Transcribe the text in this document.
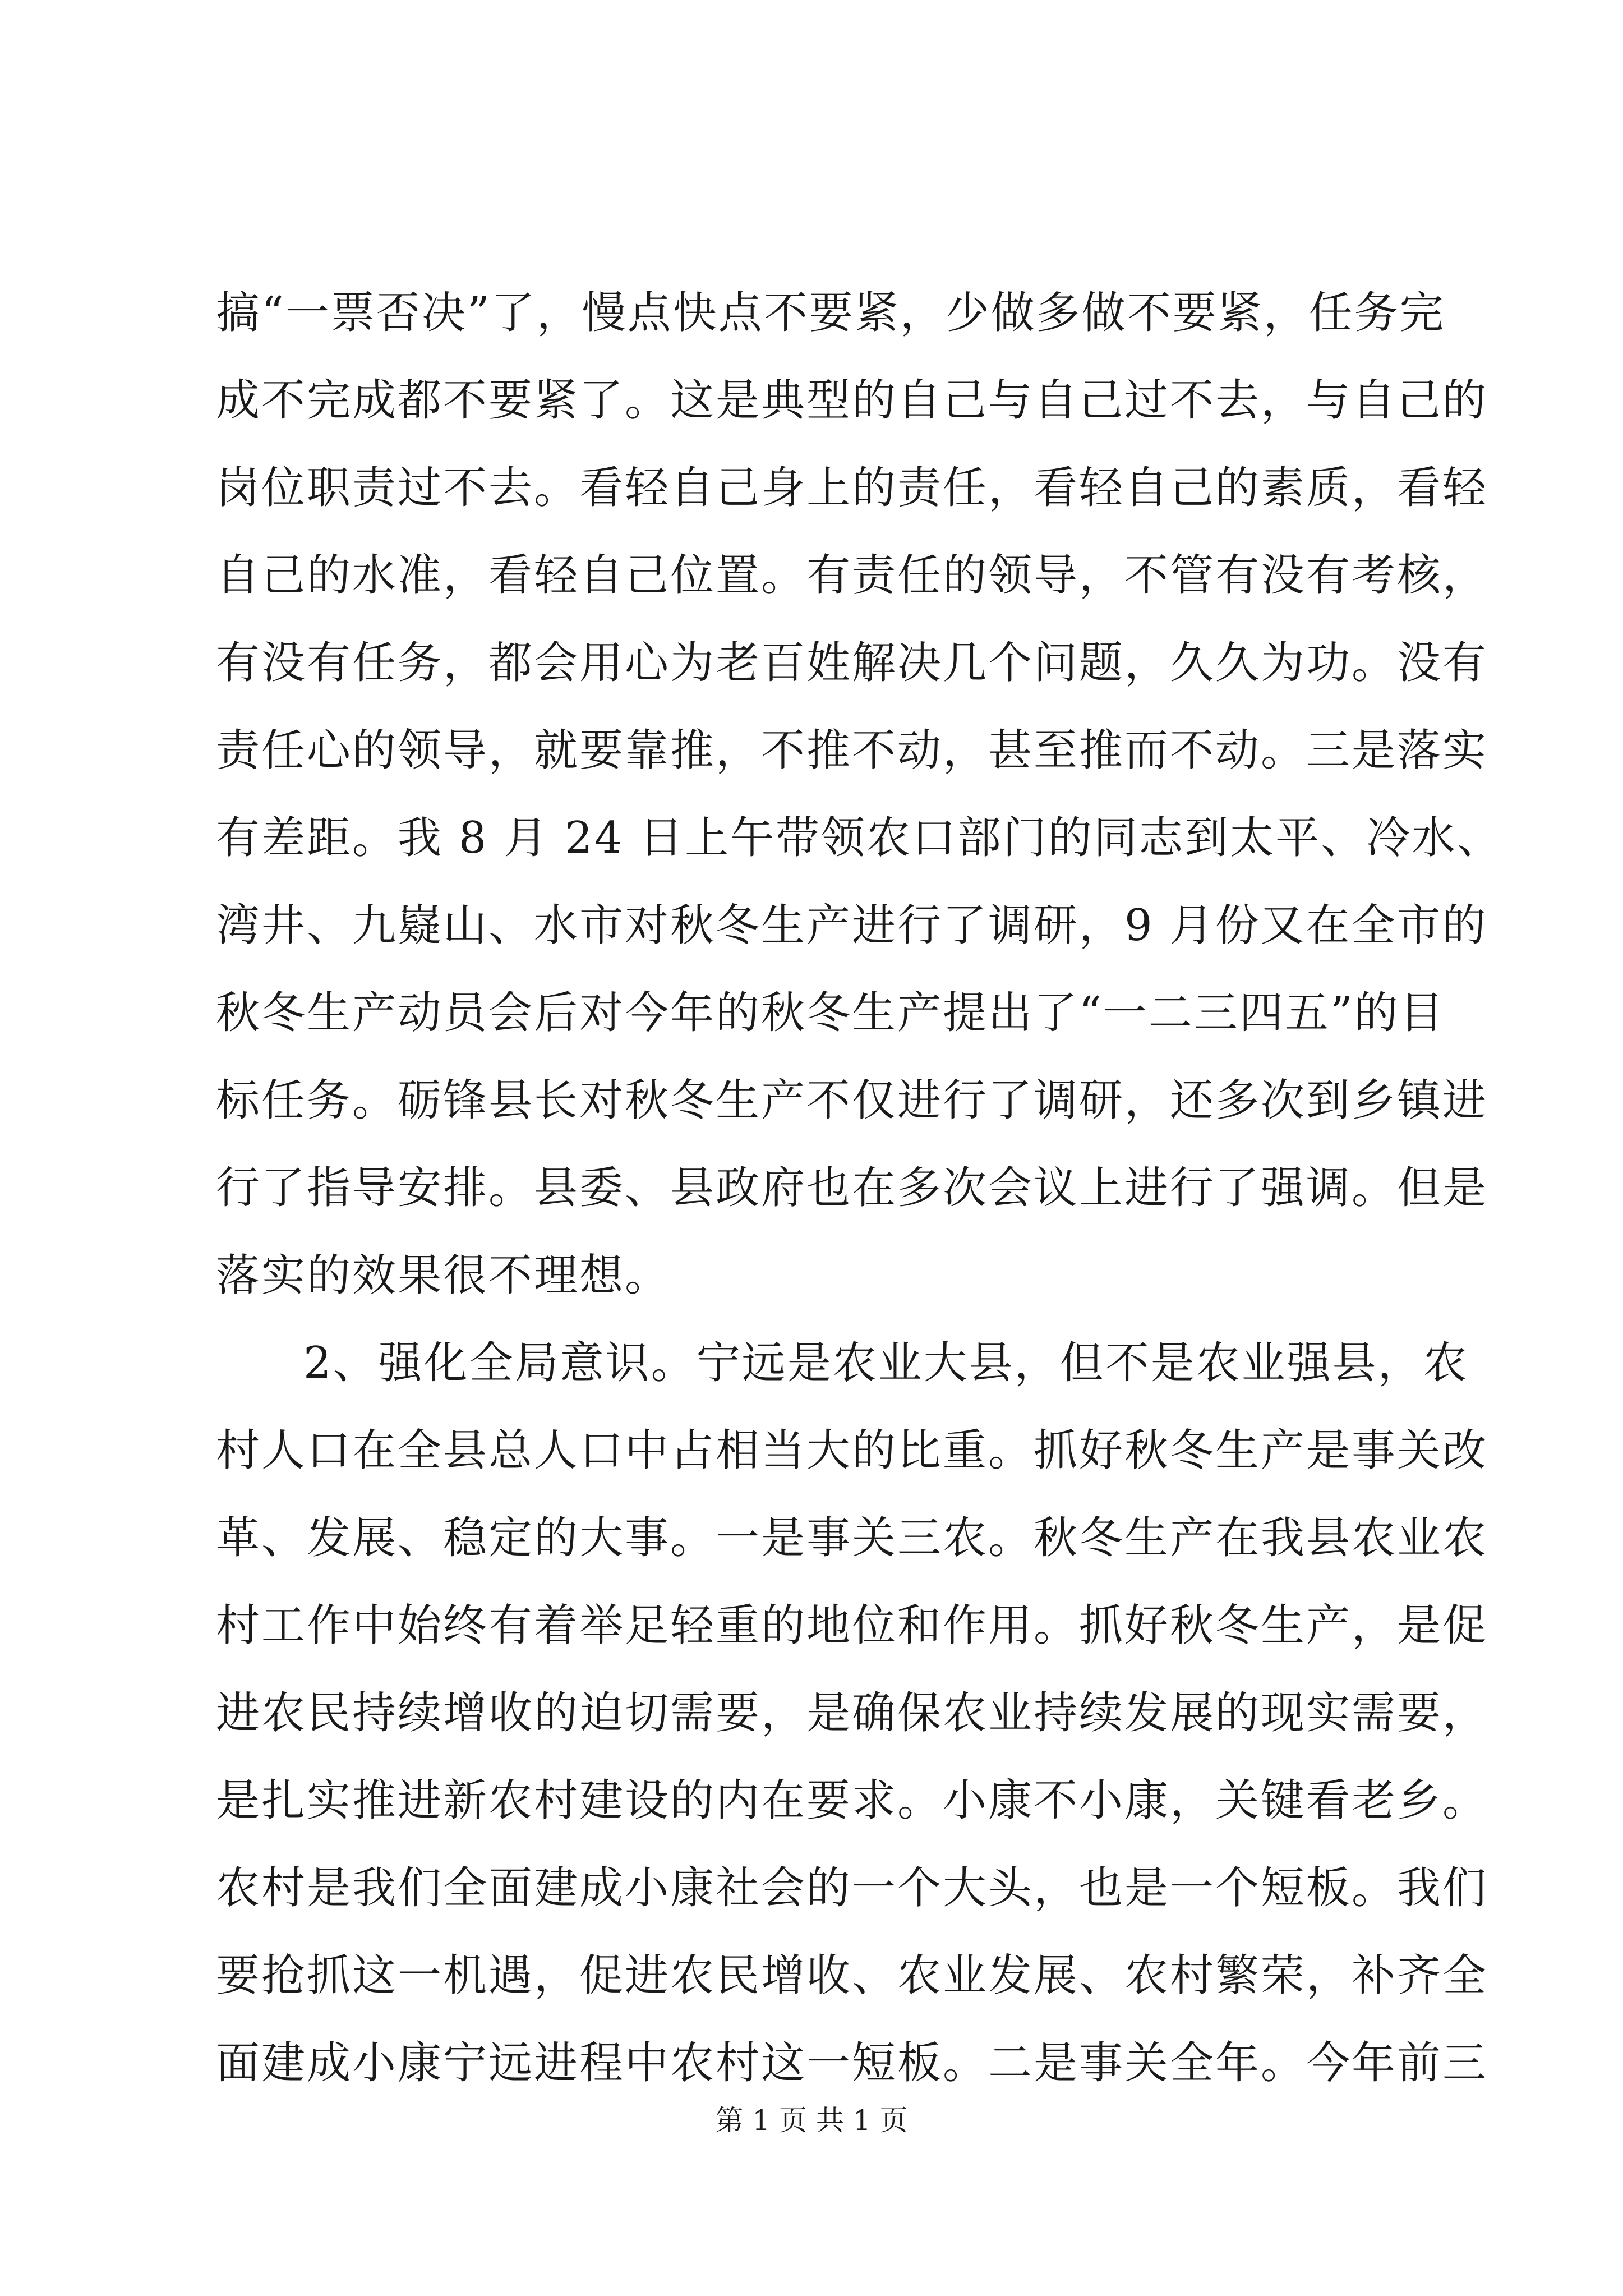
搞“一票否决”了，慢点快点不要紧，少做多做不要紧，任务完
成不完成都不要紧了。这是典型的自己与自己过不去，与自己的
岗位职责过不去。看轻自己身上的责任，看轻自己的素质，看轻
自己的水准，看轻自己位置。有责任的领导，不管有没有考核，
有没有任务，都会用心为老百姓解决几个问题，久久为功。没有
责任心的领导，就要靠推，不推不动，甚至推而不动。三是落实
有差距。我 8 月 24 日上午带领农口部门的同志到太平、冷水、
湾井、九嶷山、水市对秋冬生产进行了调研，9 月份又在全市的
秋冬生产动员会后对今年的秋冬生产提出了“一二三四五”的目
标任务。砺锋县长对秋冬生产不仅进行了调研，还多次到乡镇进
行了指导安排。县委、县政府也在多次会议上进行了强调。但是
落实的效果很不理想。
2、强化全局意识。宁远是农业大县，但不是农业强县，农
村人口在全县总人口中占相当大的比重。抓好秋冬生产是事关改
革、发展、稳定的大事。一是事关三农。秋冬生产在我县农业农
村工作中始终有着举足轻重的地位和作用。抓好秋冬生产，是促
进农民持续增收的迫切需要，是确保农业持续发展的现实需要，
是扎实推进新农村建设的内在要求。小康不小康，关键看老乡。
农村是我们全面建成小康社会的一个大头，也是一个短板。我们
要抢抓这一机遇，促进农民增收、农业发展、农村繁荣，补齐全
面建成小康宁远进程中农村这一短板。二是事关全年。今年前三
第 1 页 共 1 页
